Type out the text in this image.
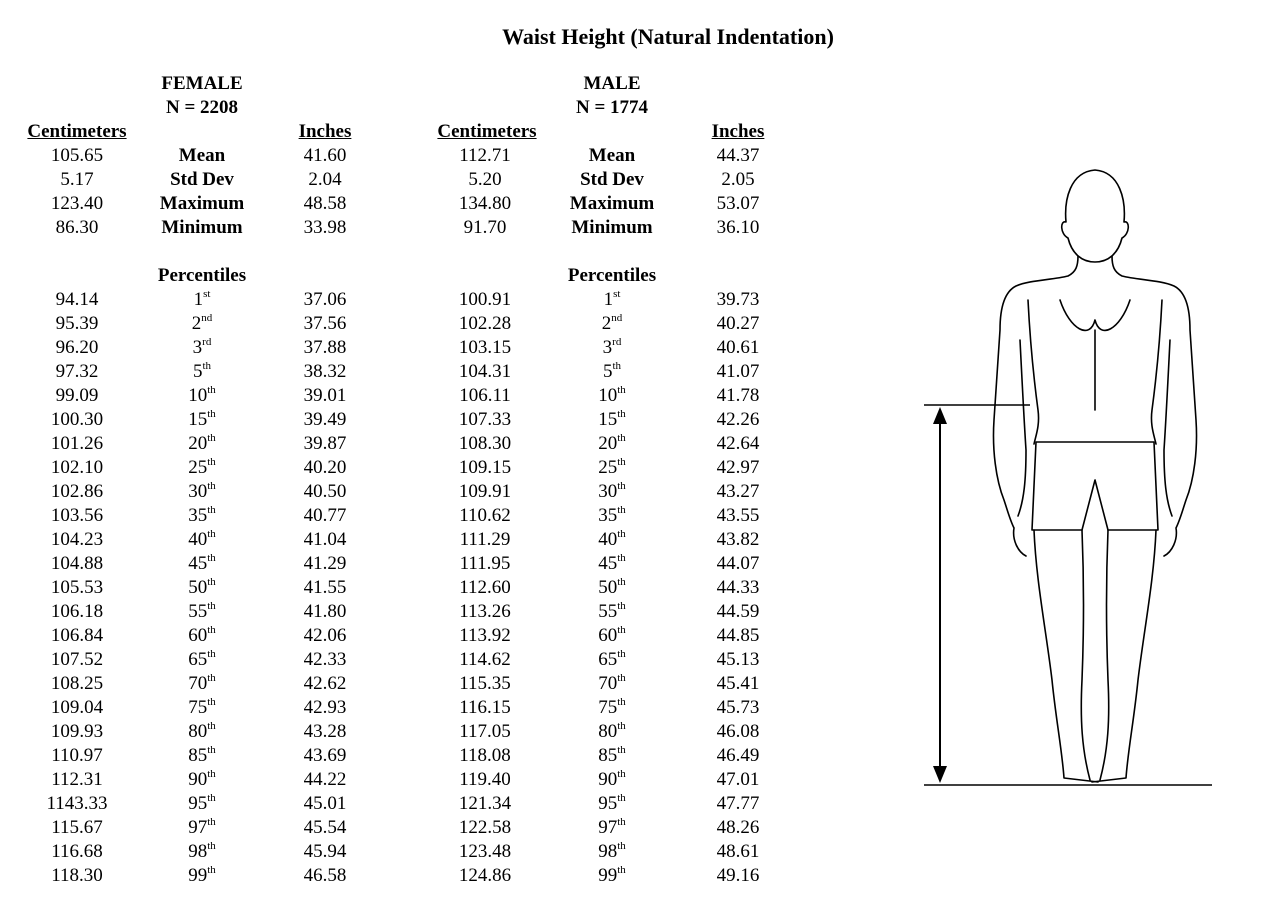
Waist Height (Natural Indentation)
FEMALE
N = 2208
MALE
N = 1774
Centimeters	Inches	Centimeters	Inches
105.65	Mean	41.60
5.17	Std Dev	2.04
123.40	Maximum	48.58
86.30	Minimum	33.98
112.71	Mean	44.37
5.20	Std Dev	2.05
134.80	Maximum	53.07
91.70	Minimum	36.10
Percentiles	Percentiles
94.14	1st	37.06	100.91	1st	39.73
95.39	2nd	37.56	102.28	2nd	40.27
96.20	3rd	37.88	103.15	3rd	40.61
97.32	5th	38.32	104.31	5th	41.07
99.09	10th	39.01	106.11	10th	41.78
100.30	15th	39.49	107.33	15th	42.26
101.26	20th	39.87	108.30	20th	42.64
102.10	25th	40.20	109.15	25th	42.97
102.86	30th	40.50	109.91	30th	43.27
103.56	35th	40.77	110.62	35th	43.55
104.23	40th	41.04	111.29	40th	43.82
104.88	45th	41.29	111.95	45th	44.07
105.53	50th	41.55	112.60	50th	44.33
106.18	55th	41.80	113.26	55th	44.59
106.84	60th	42.06	113.92	60th	44.85
107.52	65th	42.33	114.62	65th	45.13
108.25	70th	42.62	115.35	70th	45.41
109.04	75th	42.93	116.15	75th	45.73
109.93	80th	43.28	117.05	80th	46.08
110.97	85th	43.69	118.08	85th	46.49
112.31	90th	44.22	119.40	90th	47.01
1143.33	95th	45.01	121.34	95th	47.77
115.67	97th	45.54	122.58	97th	48.26
116.68	98th	45.94	123.48	98th	48.61
118.30	99th	46.58	124.86	99th	49.16
